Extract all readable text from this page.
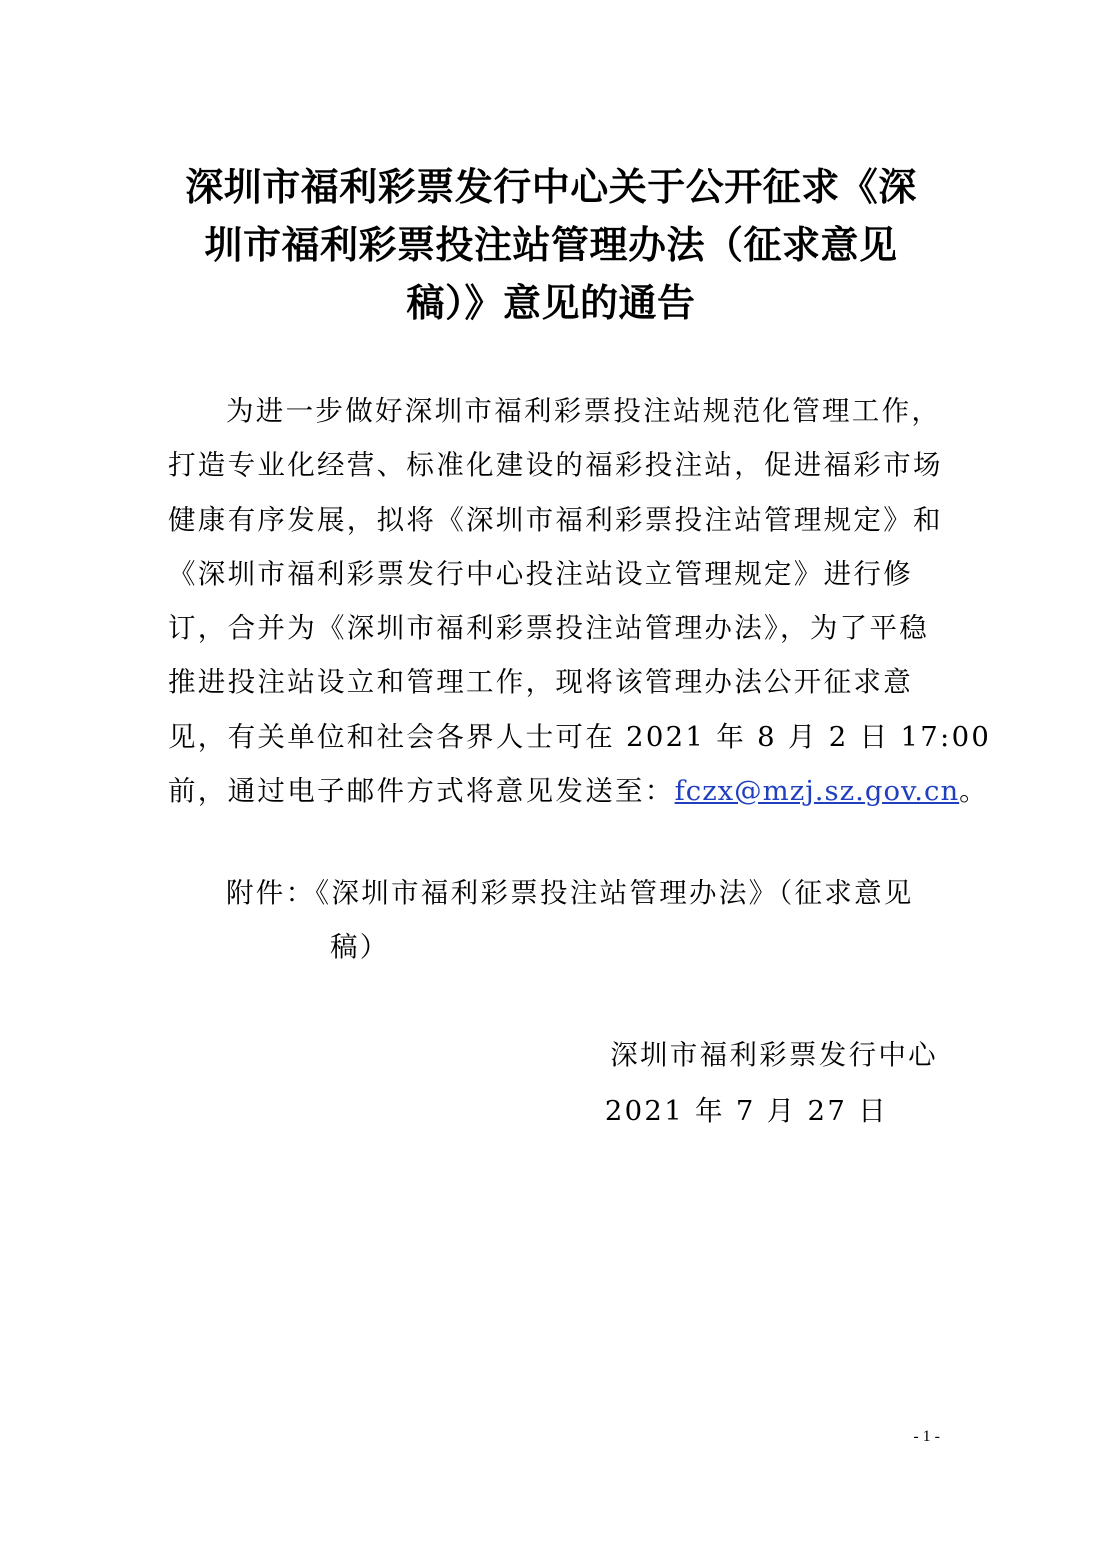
深圳市福利彩票发行中心关于公开征求《深
圳市福利彩票投注站管理办法（征求意见
稿）》意见的通告
为进一步做好深圳市福利彩票投注站规范化管理工作，
打造专业化经营、标准化建设的福彩投注站，促进福彩市场
健康有序发展，拟将《深圳市福利彩票投注站管理规定》和
《深圳市福利彩票发行中心投注站设立管理规定》进行修
订，合并为《深圳市福利彩票投注站管理办法》，为了平稳
推进投注站设立和管理工作，现将该管理办法公开征求意
见，有关单位和社会各界人士可在 2021 年 8 月 2 日 17:00
前，通过电子邮件方式将意见发送至：fczx@mzj.sz.gov.cn。
附件：《深圳市福利彩票投注站管理办法》（征求意见
稿）
深圳市福利彩票发行中心
2021 年 7 月 27 日
- 1 -
